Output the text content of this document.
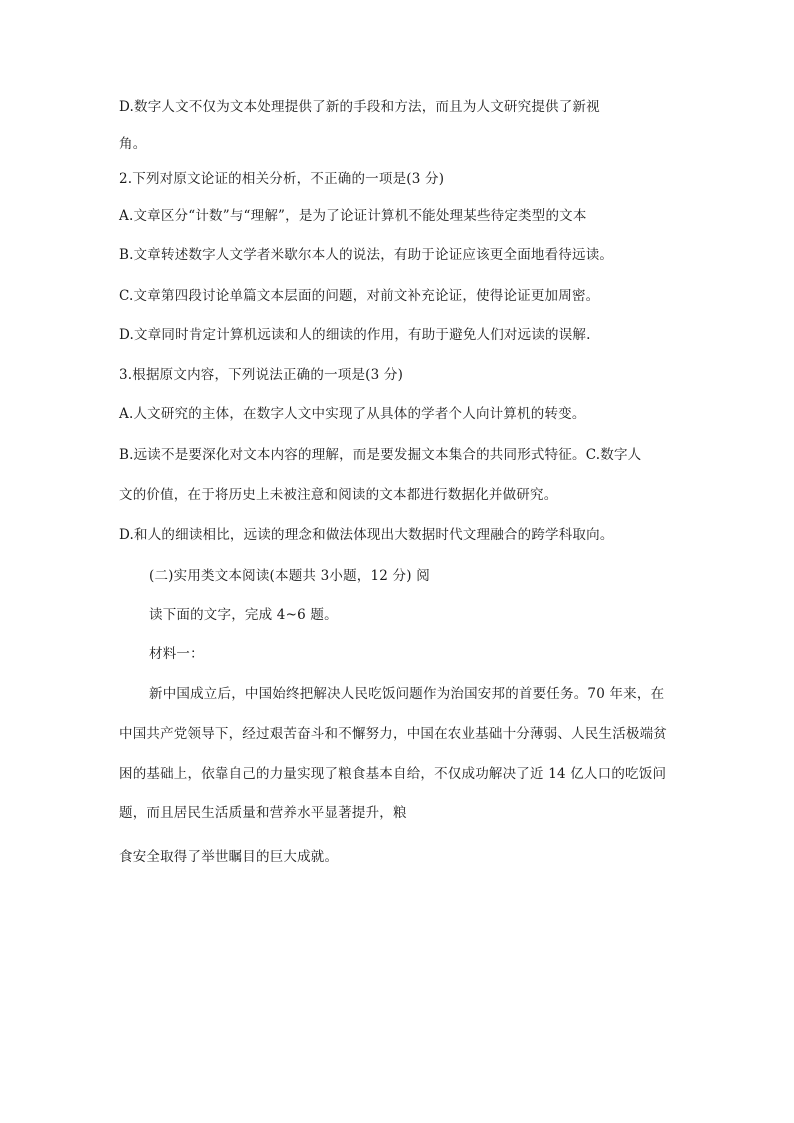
D.数字人文不仅为文本处理提供了新的手段和方法，而且为人文研究提供了新视
角。
2.下列对原文论证的相关分析，不正确的一项是(3 分)
A.文章区分“计数”与“理解”，是为了论证计算机不能处理某些待定类型的文本
B.文章转述数字人文学者米歇尔本人的说法，有助于论证应该更全面地看待远读。
C.文章第四段讨论单篇文本层面的问题，对前文补充论证，使得论证更加周密。
D.文章同时肯定计算机远读和人的细读的作用，有助于避免人们对远读的误解.
3.根据原文内容，下列说法正确的一项是(3 分)
A.人文研究的主体，在数字人文中实现了从具体的学者个人向计算机的转变。
B.远读不是要深化对文本内容的理解，而是要发掘文本集合的共同形式特征。C.数字人
文的价值，在于将历史上未被注意和阅读的文本都进行数据化并做研究。
D.和人的细读相比，远读的理念和做法体现出大数据时代文理融合的跨学科取向。
(二)实用类文本阅读(本题共 3小题，12 分) 阅
读下面的文字，完成 4~6 题。
材料一：
新中国成立后，中国始终把解决人民吃饭问题作为治国安邦的首要任务。70 年来，在
中国共产党领导下，经过艰苦奋斗和不懈努力，中国在农业基础十分薄弱、人民生活极端贫
困的基础上，依靠自己的力量实现了粮食基本自给，不仅成功解决了近 14 亿人口的吃饭问
题，而且居民生活质量和营养水平显著提升，粮
食安全取得了举世瞩目的巨大成就。
